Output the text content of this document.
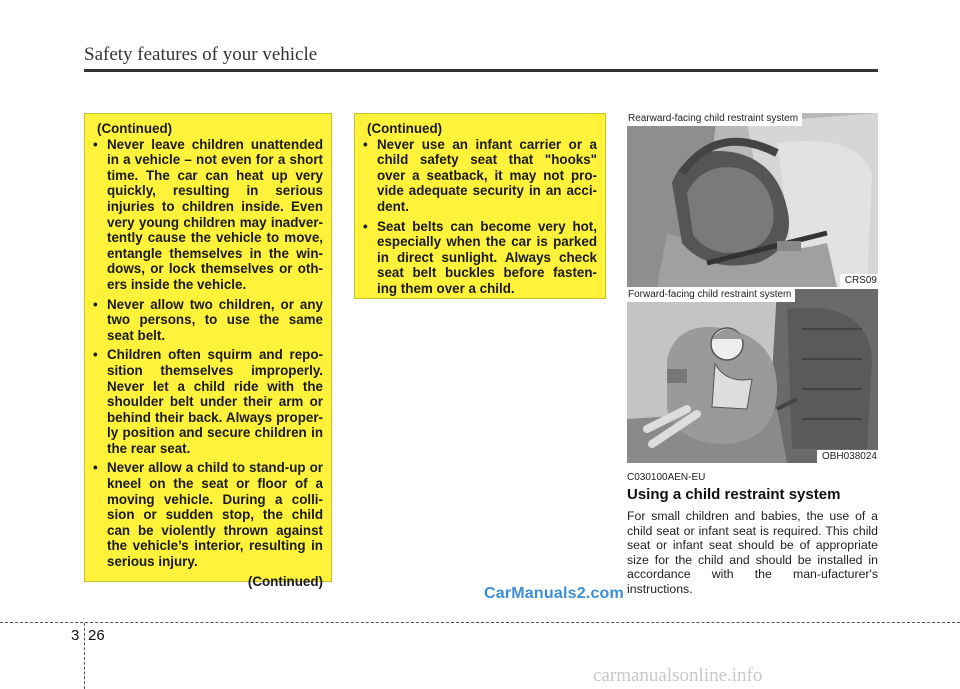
Safety features of your vehicle
(Continued)
• Never leave children unattended in a vehicle – not even for a short time. The car can heat up very quickly, resulting in serious injuries to children inside. Even very young children may inadver-tently cause the vehicle to move, entangle themselves in the win-dows, or lock themselves or oth-ers inside the vehicle.
• Never allow two children, or any two persons, to use the same seat belt.
• Children often squirm and repo-sition themselves improperly. Never let a child ride with the shoulder belt under their arm or behind their back. Always proper-ly position and secure children in the rear seat.
• Never allow a child to stand-up or kneel on the seat or floor of a moving vehicle. During a colli-sion or sudden stop, the child can be violently thrown against the vehicle’s interior, resulting in serious injury.
(Continued)
(Continued)
• Never use an infant carrier or a child safety seat that "hooks" over a seatback, it may not pro-vide adequate security in an acci-dent.
• Seat belts can become very hot, especially when the car is parked in direct sunlight. Always check seat belt buckles before fasten-ing them over a child.
Rearward-facing child restraint system
CRS09
Forward-facing child restraint system
OBH038024
C030100AEN-EU
Using a child restraint system
For small children and babies, the use of a child seat or infant seat is required. This child seat or infant seat should be of appropriate size for the child and should be installed in accordance with the man-ufacturer's instructions.
CarManuals2.com
3 26
carmanualsonline.info
